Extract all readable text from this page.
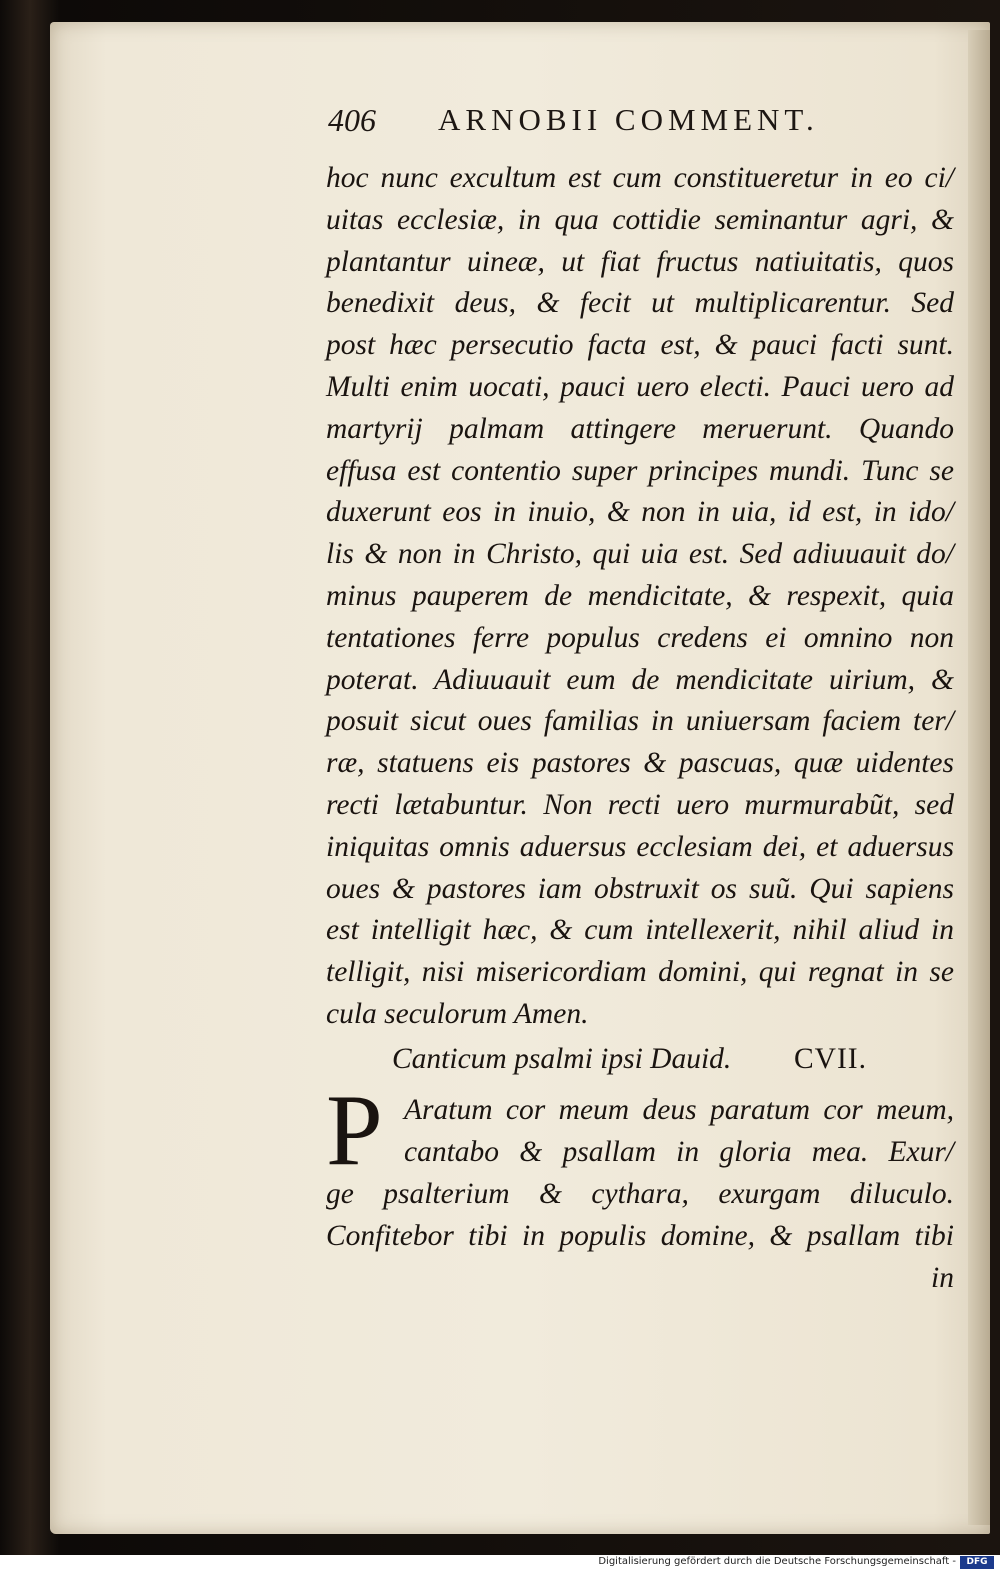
406 ARNOBII COMMENT.
hoc nunc excultum est cum constitueretur in eo ci/
uitas ecclesiæ, in qua cottidie seminantur agri, &
plantantur uineæ, ut fiat fructus natiuitatis, quos
benedixit deus, & fecit ut multiplicarentur. Sed
post hæc persecutio facta est, & pauci facti sunt.
Multi enim uocati, pauci uero electi. Pauci uero ad
martyrij palmam attingere meruerunt. Quando
effusa est contentio super principes mundi. Tunc se
duxerunt eos in inuio, & non in uia, id est, in ido/
lis & non in Christo, qui uia est. Sed adiuuauit do/
minus pauperem de mendicitate, & respexit, quia
tentationes ferre populus credens ei omnino non
poterat. Adiuuauit eum de mendicitate uirium, &
posuit sicut oues familias in uniuersam faciem ter/
ræ, statuens eis pastores & pascuas, quæ uidentes
recti lætabuntur. Non recti uero murmurabũt, sed
iniquitas omnis aduersus ecclesiam dei, et aduersus
oues & pastores iam obstruxit os suũ. Qui sapiens
est intelligit hæc, & cum intellexerit, nihil aliud in
telligit, nisi misericordiam domini, qui regnat in se
cula seculorum Amen.
Canticum psalmi ipsi Dauid. CVII.
P Aratum cor meum deus paratum cor meum,
cantabo & psallam in gloria mea. Exur/
ge psalterium & cythara, exurgam diluculo.
Confitebor tibi in populis domine, & psallam tibi
in
Digitalisierung gefördert durch die Deutsche Forschungsgemeinschaft -	DFG
